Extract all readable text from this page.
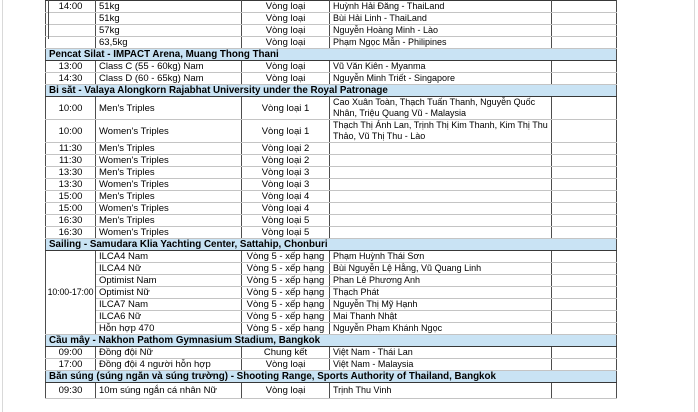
14:00	51kg	Vòng loại	Huỳnh Hải Đăng - ThaiLand	
	51kg	Vòng loại	Bùi Hải Linh - ThaiLand	
	57kg	Vòng loại	Nguyễn Hoàng Minh - Lào	
	63,5kg	Vòng loại	Phạm Ngọc Mẫn - Philipines	
Pencat Silat - IMPACT Arena, Muang Thong Thani				
13:00	Class C (55 - 60kg) Nam	Vòng loại	Vũ Văn Kiên - Myanma	
14:30	Class D (60 - 65kg) Nam	Vòng loại	Nguyễn Minh Triết - Singapore	
Bi sắt - Valaya Alongkorn Rajabhat University under the Royal Patronage				
10:00	Men's Triples	Vòng loại 1	Cao Xuân Toàn, Thạch Tuấn Thanh, Nguyễn Quốc Nhân, Triệu Quang Vũ - Malaysia	
10:00	Women's Triples	Vòng loại 1	Thạch Thị Ánh Lan, Trịnh Thị Kim Thanh, Kim Thị Thu Thảo, Vũ Thị Thu - Lào	
11:30	Men's Triples	Vòng loại 2		
11:30	Women's Triples	Vòng loại 2		
13:30	Men's Triples	Vòng loại 3		
13:30	Women's Triples	Vòng loại 3		
15:00	Men's Triples	Vòng loại 4		
15:00	Women's Triples	Vòng loại 4		
16:30	Men's Triples	Vòng loại 5		
16:30	Women's Triples	Vòng loại 5		
Sailing - Samudara Klia Yachting Center, Sattahip, Chonburi				
10:00-17:00	ILCA4 Nam	Vòng 5 - xếp hạng	Phạm Huỳnh Thái Sơn	
	ILCA4 Nữ	Vòng 5 - xếp hạng	Bùi Nguyễn Lệ Hằng, Vũ Quang Linh	
	Optimist Nam	Vòng 5 - xếp hạng	Phan Lê Phương Anh	
	Optimist Nữ	Vòng 5 - xếp hạng	Thạch Phát	
	ILCA7 Nam	Vòng 5 - xếp hạng	Nguyễn Thị Mỹ Hạnh	
	ILCA6 Nữ	Vòng 5 - xếp hạng	Mai Thanh Nhật	
	Hỗn hợp 470	Vòng 5 - xếp hạng	Nguyễn Phạm Khánh Ngọc	
Cầu mây - Nakhon Pathom Gymnasium Stadium, Bangkok				
09:00	Đồng đội Nữ	Chung kết	Việt Nam - Thái Lan	
17:00	Đồng đội 4 người hỗn hợp	Vòng loại	Việt Nam - Malaysia	
Bắn súng (súng ngắn và súng trường) - Shooting Range, Sports Authority of Thailand, Bangkok				
09:30	10m súng ngắn cá nhân Nữ	Vòng loại	Trịnh Thu Vinh	
